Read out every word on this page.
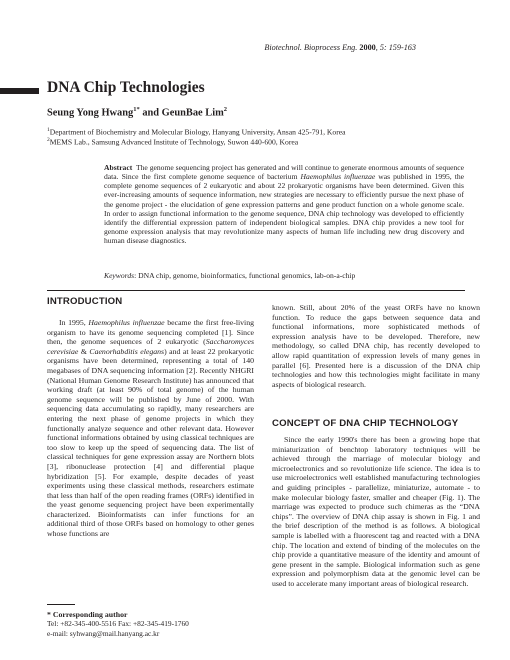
Biotechnol. Bioprocess Eng. 2000, 5: 159-163
DNA Chip Technologies
Seung Yong Hwang$^{1*}$ and GeunBae Lim$^2$
$^1$Department of Biochemistry and Molecular Biology, Hanyang University, Ansan 425-791, Korea
$^2$MEMS Lab., Samsung Advanced Institute of Technology, Suwon 440-600, Korea
Abstract The genome sequencing project has generated and will continue to generate enormous amounts of sequence data. Since the first complete genome sequence of bacterium Haemophilus influenzae was published in 1995, the complete genome sequences of 2 eukaryotic and about 22 prokaryotic organisms have been determined. Given this ever-increasing amounts of sequence information, new strategies are necessary to efficiently pursue the next phase of the genome project - the elucidation of gene expression patterns and gene product function on a whole genome scale. In order to assign functional information to the genome sequence, DNA chip technology was developed to efficiently identify the differential expression pattern of independent biological samples. DNA chip provides a new tool for genome expression analysis that may revolutionize many aspects of human life including new drug discovery and human disease diagnostics.
Keywords: DNA chip, genome, bioinformatics, functional genomics, lab-on-a-chip
INTRODUCTION
In 1995, Haemophilus influenzae became the first free-living organism to have its genome sequencing completed [1]. Since then, the genome sequences of 2 eukaryotic (Saccharomyces cerevisiae & Caenorhabditis elegans) and at least 22 prokaryotic organisms have been determined, representing a total of 140 megabases of DNA sequencing information [2]. Recently NHGRI (National Human Genome Research Institute) has announced that working draft (at least 90% of total genome) of the human genome sequence will be published by June of 2000. With sequencing data accumulating so rapidly, many researchers are entering the next phase of genome projects in which they functionally analyze sequence and other relevant data. However functional informations obtained by using classical techniques are too slow to keep up the speed of sequencing data. The list of classical techniques for gene expression assay are Northern blots [3], ribonuclease protection [4] and differential plaque hybridization [5]. For example, despite decades of yeast experiments using these classical methods, researchers estimate that less than half of the open reading frames (ORFs) identified in the yeast genome sequencing project have been experimentally characterized. Bioinformatists can infer functions for an additional third of those ORFs based on homology to other genes whose functions are
known. Still, about 20% of the yeast ORFs have no known function. To reduce the gaps between sequence data and functional informations, more sophisticated methods of expression analysis have to be developed. Therefore, new methodology, so called DNA chip, has recently developed to allow rapid quantitation of expression levels of many genes in parallel [6]. Presented here is a discussion of the DNA chip technologies and how this technologies might facilitate in many aspects of biological research.
CONCEPT OF DNA CHIP TECHNOLOGY
Since the early 1990's there has been a growing hope that miniaturization of benchtop laboratory techniques will be achieved through the marriage of molecular biology and microelectronics and so revolutionize life science. The idea is to use microelectronics well established manufacturing technologies and guiding principles - parallelize, miniaturize, automate - to make molecular biology faster, smaller and cheaper (Fig. 1). The marriage was expected to produce such chimeras as the “DNA chips”. The overview of DNA chip assay is shown in Fig. 1 and the brief description of the method is as follows. A biological sample is labelled with a fluorescent tag and reacted with a DNA chip. The location and extend of binding of the molecules on the chip provide a quantitative measure of the identity and amount of gene present in the sample. Biological information such as gene expression and polymorphism data at the genomic level can be used to accelerate many important areas of biological research.
* Corresponding author
Tel: +82-345-400-5516 Fax: +82-345-419-1760
e-mail: syhwang@mail.hanyang.ac.kr
